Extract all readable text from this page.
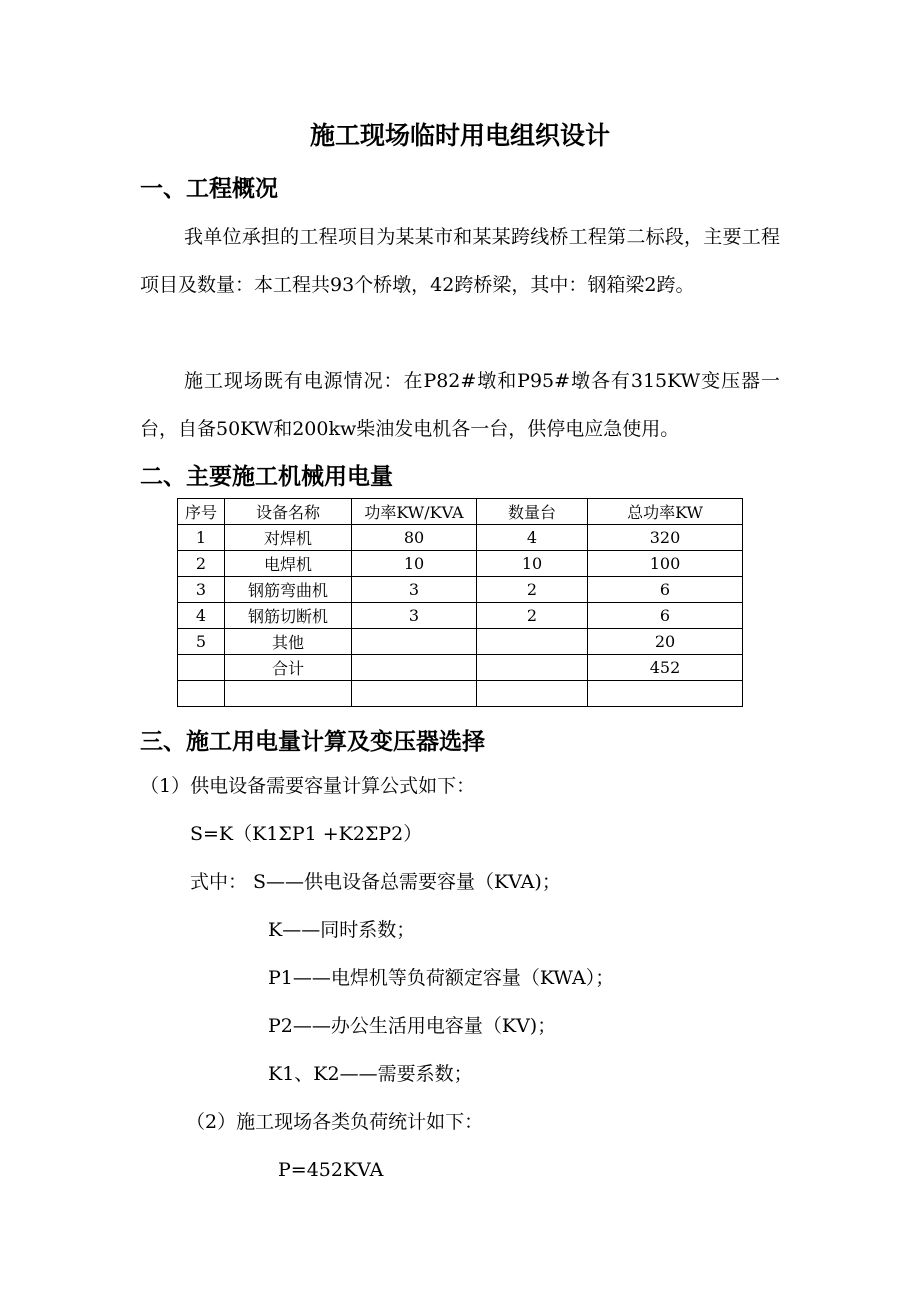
施工现场临时用电组织设计
一、工程概况
我单位承担的工程项目为某某市和某某跨线桥工程第二标段，主要工程项目及数量：本工程共93个桥墩，42跨桥梁，其中：钢箱梁2跨。
施工现场既有电源情况：在P82#墩和P95#墩各有315KW变压器一台，自备50KW和200kw柴油发电机各一台，供停电应急使用。
二、主要施工机械用电量
序号	设备名称	功率KW/KVA	数量台	总功率KW
1	对焊机	80	4	320
2	电焊机	10	10	100
3	钢筋弯曲机	3	2	6
4	钢筋切断机	3	2	6
5	其他			20
	合计			452

三、施工用电量计算及变压器选择
（1）供电设备需要容量计算公式如下：
S=K（K1ΣP1 +K2ΣP2）
式中： S——供电设备总需要容量（KVA)；
K——同时系数；
P1——电焊机等负荷额定容量（KWA）；
P2——办公生活用电容量（KV)；
K1、K2——需要系数；
（2）施工现场各类负荷统计如下：
P=452KVA
